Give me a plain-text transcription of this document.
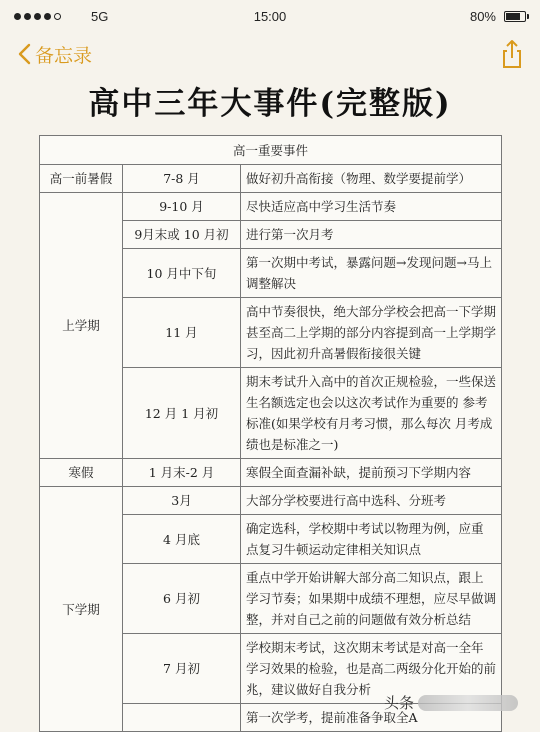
5G	15:00	80%
备忘录
高中三年大事件(完整版)
高一重要事件		
高一前暑假	7-8 月	做好初升高衔接（物理、数学要提前学）
上学期	9-10 月	尽快适应高中学习生活节奏
	9月末或 10 月初	进行第一次月考
	10 月中下旬	第一次期中考试，暴露问题→发现问题→马上调整解决
	11 月	高中节奏很快，绝大部分学校会把高一下学期甚至高二上学期的部分内容提到高一上学期学习，因此初升高暑假衔接很关键
	12 月 1 月初	期末考试升入高中的首次正规检验，一些保送生名额选定也会以这次考试作为重要的 参考标准(如果学校有月考习惯，那么每次 月考成绩也是标准之一)
寒假	1 月末-2 月	寒假全面查漏补缺，提前预习下学期内容
下学期	3月	大部分学校要进行高中选科、分班考
	4 月底	确定选科，学校期中考试以物理为例，应重 点复习牛顿运动定律相关知识点
	6 月初	重点中学开始讲解大部分高二知识点，跟上 学习节奏；如果期中成绩不理想，应尽早做调整，并对自己之前的问题做有效分析总结
	7 月初	学校期末考试，这次期末考试是对高一全年 学习效果的检验，也是高二两级分化开始的前兆，建议做好自我分析
		第一次学考，提前准备争取全A
头条
